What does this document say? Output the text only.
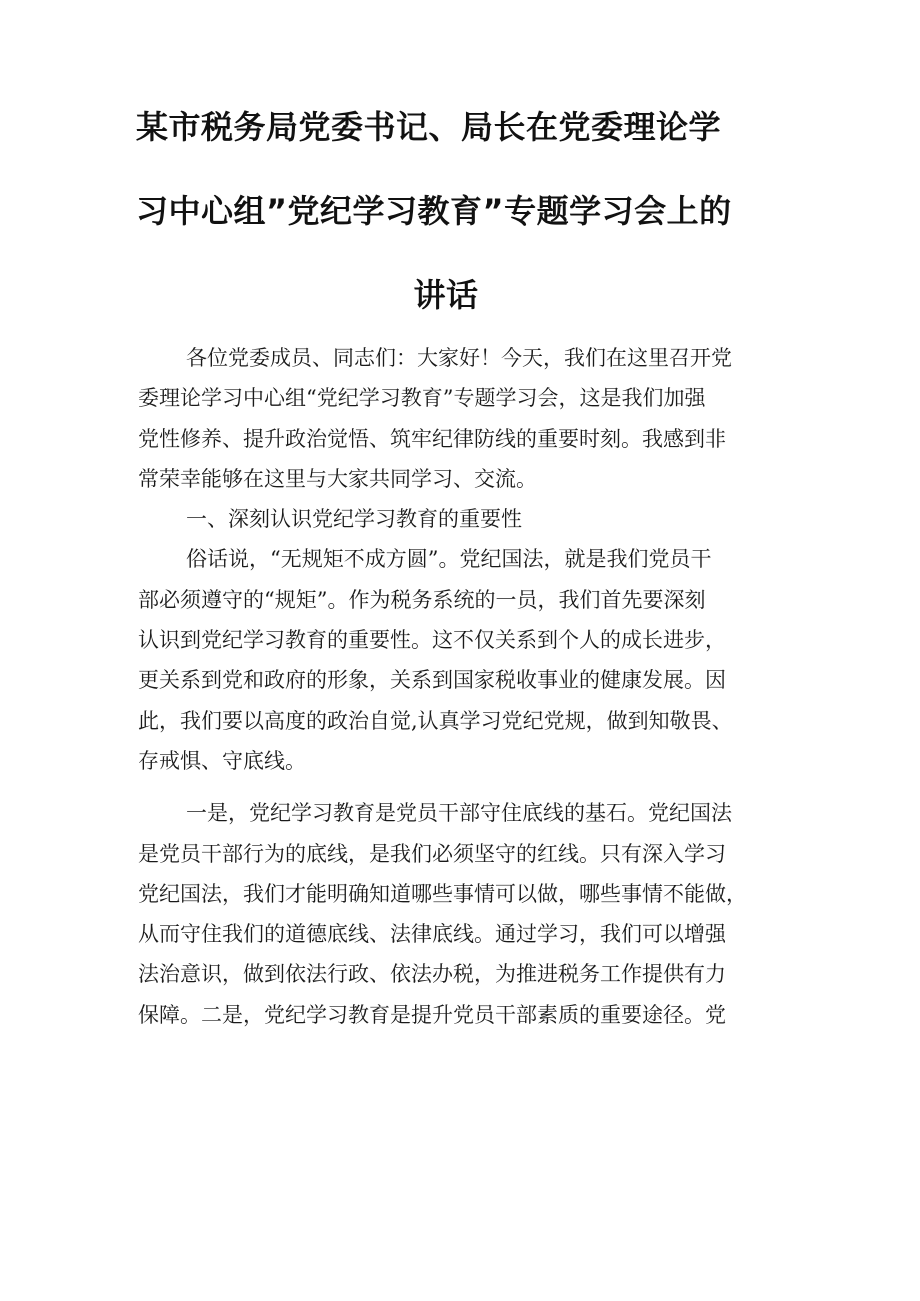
某市税务局党委书记、局长在党委理论学
习中心组”党纪学习教育”专题学习会上的
讲话
各位党委成员、同志们：大家好！今天，我们在这里召开党
委理论学习中心组“党纪学习教育”专题学习会，这是我们加强
党性修养、提升政治觉悟、筑牢纪律防线的重要时刻。我感到非
常荣幸能够在这里与大家共同学习、交流。
一、深刻认识党纪学习教育的重要性
俗话说，“无规矩不成方圆”。党纪国法，就是我们党员干
部必须遵守的“规矩”。作为税务系统的一员，我们首先要深刻
认识到党纪学习教育的重要性。这不仅关系到个人的成长进步，
更关系到党和政府的形象，关系到国家税收事业的健康发展。因
此，我们要以高度的政治自觉,认真学习党纪党规，做到知敬畏、
存戒惧、守底线。
一是，党纪学习教育是党员干部守住底线的基石。党纪国法
是党员干部行为的底线，是我们必须坚守的红线。只有深入学习
党纪国法，我们才能明确知道哪些事情可以做，哪些事情不能做，
从而守住我们的道德底线、法律底线。通过学习，我们可以增强
法治意识，做到依法行政、依法办税，为推进税务工作提供有力
保障。二是，党纪学习教育是提升党员干部素质的重要途径。党
